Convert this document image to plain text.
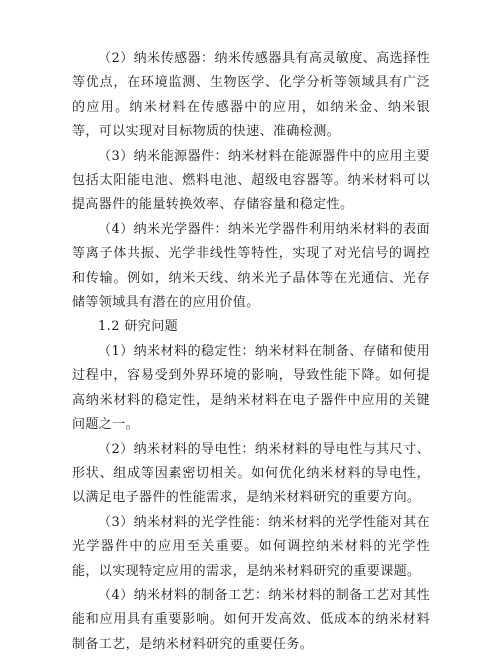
（2）纳米传感器：纳米传感器具有高灵敏度、高选择性等优点，在环境监测、生物医学、化学分析等领域具有广泛的应用。纳米材料在传感器中的应用，如纳米金、纳米银等，可以实现对目标物质的快速、准确检测。

（3）纳米能源器件：纳米材料在能源器件中的应用主要包括太阳能电池、燃料电池、超级电容器等。纳米材料可以提高器件的能量转换效率、存储容量和稳定性。

（4）纳米光学器件：纳米光学器件利用纳米材料的表面等离子体共振、光学非线性等特性，实现了对光信号的调控和传输。例如，纳米天线、纳米光子晶体等在光通信、光存储等领域具有潜在的应用价值。

1.2 研究问题

（1）纳米材料的稳定性：纳米材料在制备、存储和使用过程中，容易受到外界环境的影响，导致性能下降。如何提高纳米材料的稳定性，是纳米材料在电子器件中应用的关键问题之一。

（2）纳米材料的导电性：纳米材料的导电性与其尺寸、形状、组成等因素密切相关。如何优化纳米材料的导电性，以满足电子器件的性能需求，是纳米材料研究的重要方向。

（3）纳米材料的光学性能：纳米材料的光学性能对其在光学器件中的应用至关重要。如何调控纳米材料的光学性能，以实现特定应用的需求，是纳米材料研究的重要课题。

（4）纳米材料的制备工艺：纳米材料的制备工艺对其性能和应用具有重要影响。如何开发高效、低成本的纳米材料制备工艺，是纳米材料研究的重要任务。
